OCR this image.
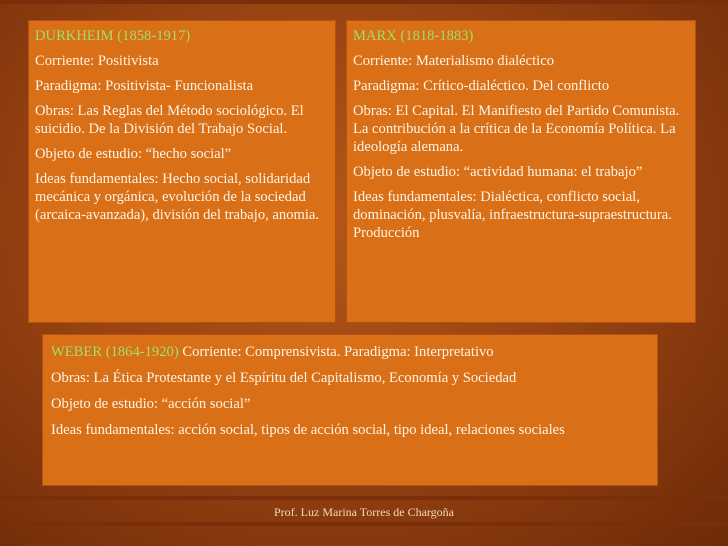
DURKHEIM (1858-1917)

Corriente: Positivista

Paradigma: Positivista- Funcionalista

Obras: Las Reglas del Método sociológico. El suicidio. De la División del Trabajo Social.

Objeto de estudio: “hecho social”

Ideas fundamentales: Hecho social, solidaridad mecánica y orgánica, evolución de la sociedad (arcaica-avanzada), división del trabajo, anomia.

MARX (1818-1883)

Corriente: Materialismo dialéctico

Paradigma: Crítico-dialéctico. Del conflicto

Obras: El Capital. El Manifiesto del Partido Comunista. La contribución a la crítica de la Economía Política. La ideología alemana.

Objeto de estudio: “actividad humana: el trabajo”

Ideas fundamentales: Dialéctica, conflicto social, dominación, plusvalía, infraestructura-supraestructura. Producción

WEBER (1864-1920) Corriente: Comprensivista. Paradigma: Interpretativo

Obras: La Ética Protestante y el Espíritu del Capitalismo, Economía y Sociedad

Objeto de estudio: “acción social”

Ideas fundamentales: acción social, tipos de acción social, tipo ideal, relaciones sociales

Prof. Luz Marina Torres de Chargoña
